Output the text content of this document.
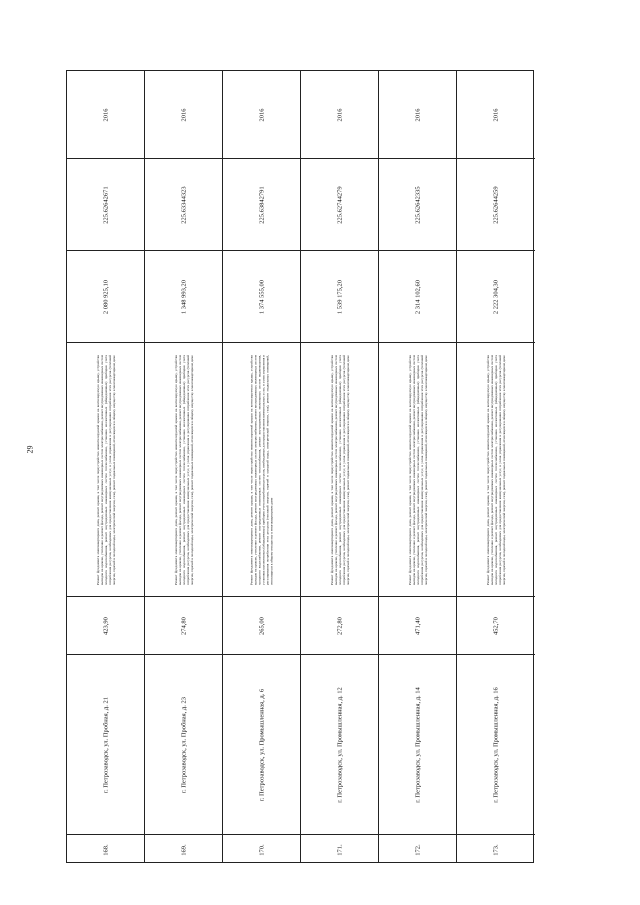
29
2016
225.62642671
2 080 925,10
Ремонт фундамента многоквартирного дома, ремонт крыши, в том числе переустройство невентилируемой крыши на вентилируемую крышу, устройство выходов на кровлю, утепление и ремонт фасада, ремонт внутридомовых инженерных систем электроснабжения, ремонт внутридомовых инженерных систем холодного водоснабжения, ремонт внутридомовых инженерных систем теплоснабжения, установка коллективных (общедомовых) приборов учета потребления ресурсов, необходимых для предоставления коммунальных услуг, и узлов управления и регулирования потребления этих ресурсов (тепловой энергии, горячей и холодной воды, электрической энергии, газа), ремонт подвальных помещений, относящихся к общему имуществу в многоквартирном доме
423,90
г. Петрозаводск, ул. Пробная, д. 21
168.
2016
225.63344323
1 348 993,20
Ремонт фундамента многоквартирного дома, ремонт крыши, в том числе переустройство невентилируемой крыши на вентилируемую крышу, устройство выходов на кровлю, утепление и ремонт фасада, ремонт внутридомовых инженерных систем электроснабжения, ремонт внутридомовых инженерных систем холодного водоснабжения, ремонт внутридомовых инженерных систем теплоснабжения, установка коллективных (общедомовых) приборов учета потребления ресурсов, необходимых для предоставления коммунальных услуг, и узлов управления и регулирования потребления этих ресурсов (тепловой энергии, горячей и холодной воды, электрической энергии, газа), ремонт подвальных помещений, относящихся к общему имуществу в многоквартирном доме
274,80
г. Петрозаводск, ул. Пробная, д. 23
169.
2016
225.63842791
1 374 555,00
Ремонт фундамента многоквартирного дома, ремонт крыши, в том числе переустройство невентилируемой крыши на вентилируемую крышу, устройство выходов на кровлю, утепление и ремонт фасада, ремонт внутридомовых инженерных систем электроснабжения, ремонт внутридомовых инженерных систем холодного водоснабжения, ремонт внутридомовых инженерных систем теплоснабжения, ремонт внутридомовых инженерных систем водоотведения, установка коллективных (общедомовых) приборов учета потребления ресурсов, необходимых для предоставления коммунальных услуг, и узлов управления и регулирования потребления этих ресурсов (тепловой энергии, горячей и холодной воды, электрической энергии, газа), ремонт подвальных помещений, относящихся к общему имуществу в многоквартирном доме
265,00
г. Петрозаводск, ул. Промышленная, д. 6
170.
2016
225.62744279
1 539 175,20
Ремонт фундамента многоквартирного дома, ремонт крыши, в том числе переустройство невентилируемой крыши на вентилируемую крышу, устройство выходов на кровлю, утепление и ремонт фасада, ремонт внутридомовых инженерных систем электроснабжения, ремонт внутридомовых инженерных систем холодного водоснабжения, ремонт внутридомовых инженерных систем теплоснабжения, установка коллективных (общедомовых) приборов учета потребления ресурсов, необходимых для предоставления коммунальных услуг, и узлов управления и регулирования потребления этих ресурсов (тепловой энергии, горячей и холодной воды, электрической энергии, газа), ремонт подвальных помещений, относящихся к общему имуществу в многоквартирном доме
272,80
г. Петрозаводск, ул. Промышленная, д. 12
171.
2016
225.62642335
2 314 102,60
Ремонт фундамента многоквартирного дома, ремонт крыши, в том числе переустройство невентилируемой крыши на вентилируемую крышу, устройство выходов на кровлю, утепление и ремонт фасада, ремонт внутридомовых инженерных систем электроснабжения, ремонт внутридомовых инженерных систем холодного водоснабжения, ремонт внутридомовых инженерных систем теплоснабжения, установка коллективных (общедомовых) приборов учета потребления ресурсов, необходимых для предоставления коммунальных услуг, и узлов управления и регулирования потребления этих ресурсов (тепловой энергии, горячей и холодной воды, электрической энергии, газа), ремонт подвальных помещений, относящихся к общему имуществу в многоквартирном доме
471,40
г. Петрозаводск, ул. Промышленная, д. 14
172.
2016
225.62644259
2 222 304,30
Ремонт фундамента многоквартирного дома, ремонт крыши, в том числе переустройство невентилируемой крыши на вентилируемую крышу, устройство выходов на кровлю, утепление и ремонт фасада, ремонт внутридомовых инженерных систем электроснабжения, ремонт внутридомовых инженерных систем холодного водоснабжения, ремонт внутридомовых инженерных систем теплоснабжения, установка коллективных (общедомовых) приборов учета потребления ресурсов, необходимых для предоставления коммунальных услуг, и узлов управления и регулирования потребления этих ресурсов (тепловой энергии, горячей и холодной воды, электрической энергии, газа), ремонт подвальных помещений, относящихся к общему имуществу в многоквартирном доме
452,70
г. Петрозаводск, ул. Промышленная, д. 16
173.
